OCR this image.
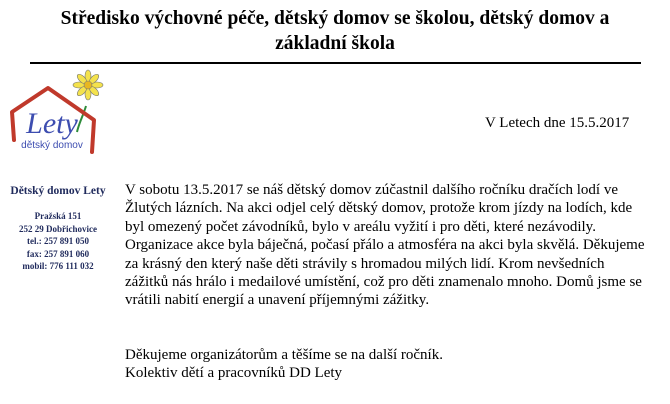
Středisko výchovné péče, dětský domov se školou, dětský domov a základní škola
Lety
dětský domov
V Letech dne 15.5.2017
Dětský domov Lety
Pražská 151
252 29 Dobřichovice
tel.: 257 891 050
fax: 257 891 060
mobil: 776 111 032

V sobotu 13.5.2017 se náš dětský domov zúčastnil dalšího ročníku dračích lodí ve Žlutých lázních. Na akci odjel celý dětský domov, protože krom jízdy na lodích, kde byl omezený počet závodníků, bylo v areálu vyžití i pro děti, které nezávodily. Organizace akce byla báječná, počasí přálo a atmosféra na akci byla skvělá. Děkujeme za krásný den který naše děti strávily s hromadou milých lidí. Krom nevšedních zážitků nás hrálo i medailové umístění, což pro děti znamenalo mnoho. Domů jsme se vrátili nabití energií a unavení příjemnými zážitky.

Děkujeme organizátorům a těšíme se na další ročník.

Kolektiv dětí a pracovníků DD Lety
